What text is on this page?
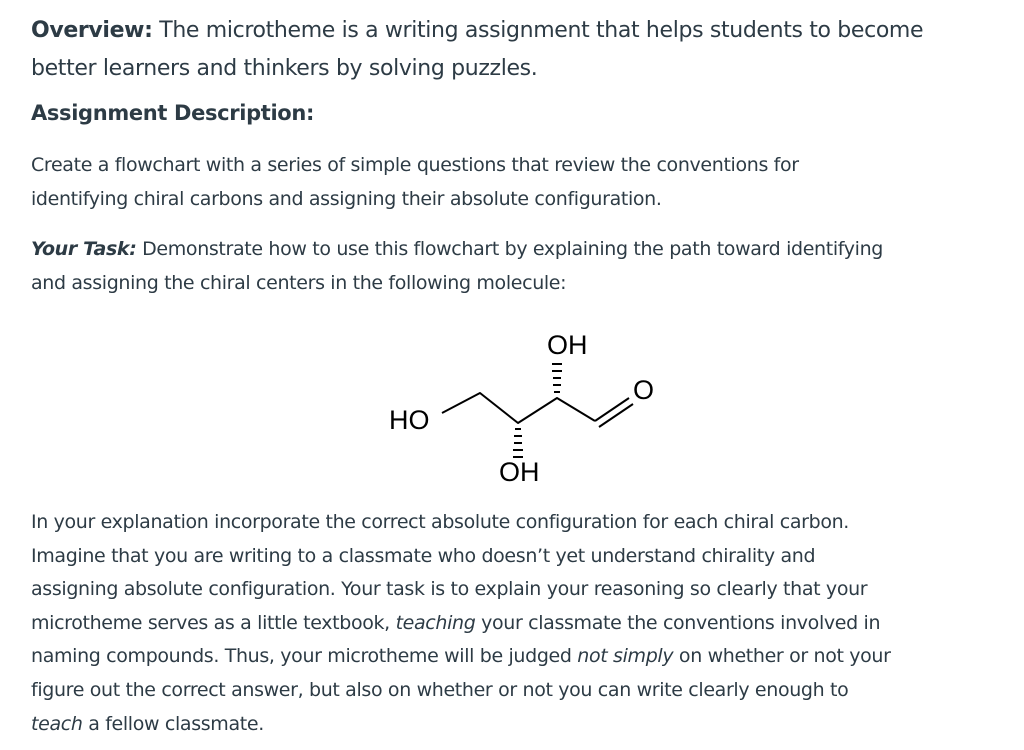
Overview: The microtheme is a writing assignment that helps students to become
better learners and thinkers by solving puzzles.

Assignment Description:

Create a flowchart with a series of simple questions that review the conventions for
identifying chiral carbons and assigning their absolute configuration.

Your Task: Demonstrate how to use this flowchart by explaining the path toward identifying
and assigning the chiral centers in the following molecule:

HO
OH
OH
O

In your explanation incorporate the correct absolute configuration for each chiral carbon.
Imagine that you are writing to a classmate who doesn’t yet understand chirality and
assigning absolute configuration. Your task is to explain your reasoning so clearly that your
microtheme serves as a little textbook, teaching your classmate the conventions involved in
naming compounds. Thus, your microtheme will be judged not simply on whether or not your
figure out the correct answer, but also on whether or not you can write clearly enough to
teach a fellow classmate.
